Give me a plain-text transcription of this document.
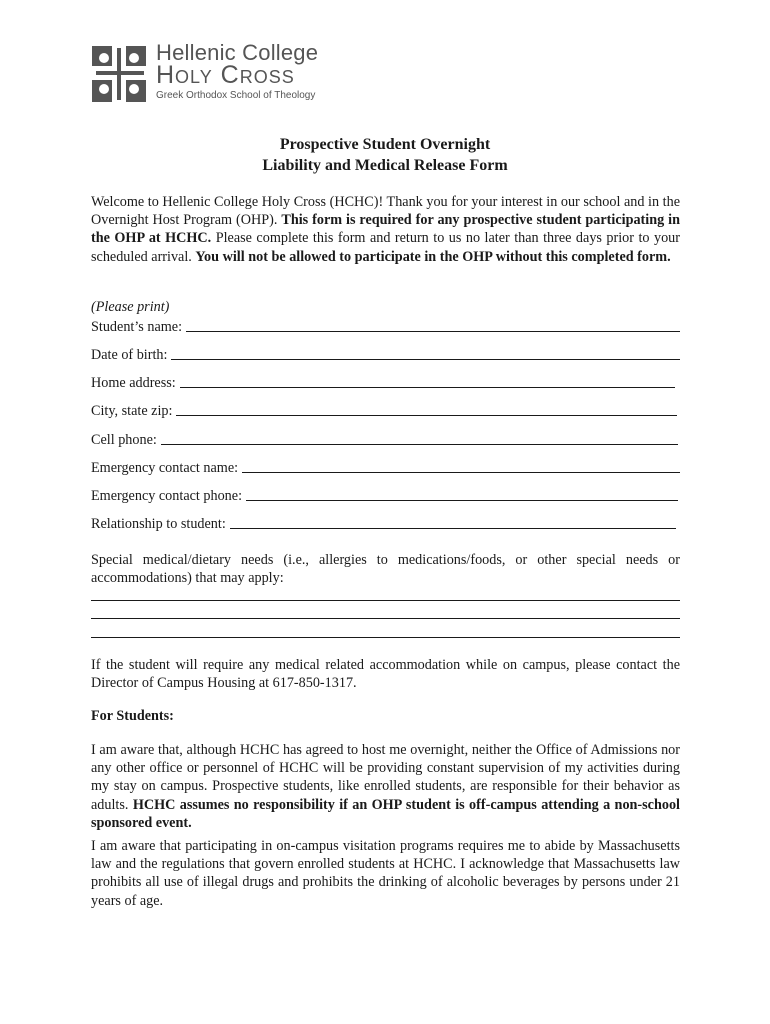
Hellenic College
Holy Cross
Greek Orthodox School of Theology
Prospective Student Overnight
Liability and Medical Release Form
Welcome to Hellenic College Holy Cross (HCHC)! Thank you for your interest in our school and in the Overnight Host Program (OHP). This form is required for any prospective student participating in the OHP at HCHC. Please complete this form and return to us no later than three days prior to your scheduled arrival. You will not be allowed to participate in the OHP without this completed form.
(Please print)
Student’s name:
Date of birth:
Home address:
City, state zip:
Cell phone:
Emergency contact name:
Emergency contact phone:
Relationship to student:
Special medical/dietary needs (i.e., allergies to medications/foods, or other special needs or accommodations) that may apply:
If the student will require any medical related accommodation while on campus, please contact the Director of Campus Housing at 617-850-1317.
For Students:
I am aware that, although HCHC has agreed to host me overnight, neither the Office of Admissions nor any other office or personnel of HCHC will be providing constant supervision of my activities during my stay on campus. Prospective students, like enrolled students, are responsible for their behavior as adults. HCHC assumes no responsibility if an OHP student is off-campus attending a non-school sponsored event.
I am aware that participating in on-campus visitation programs requires me to abide by Massachusetts law and the regulations that govern enrolled students at HCHC. I acknowledge that Massachusetts law prohibits all use of illegal drugs and prohibits the drinking of alcoholic beverages by persons under 21 years of age.
